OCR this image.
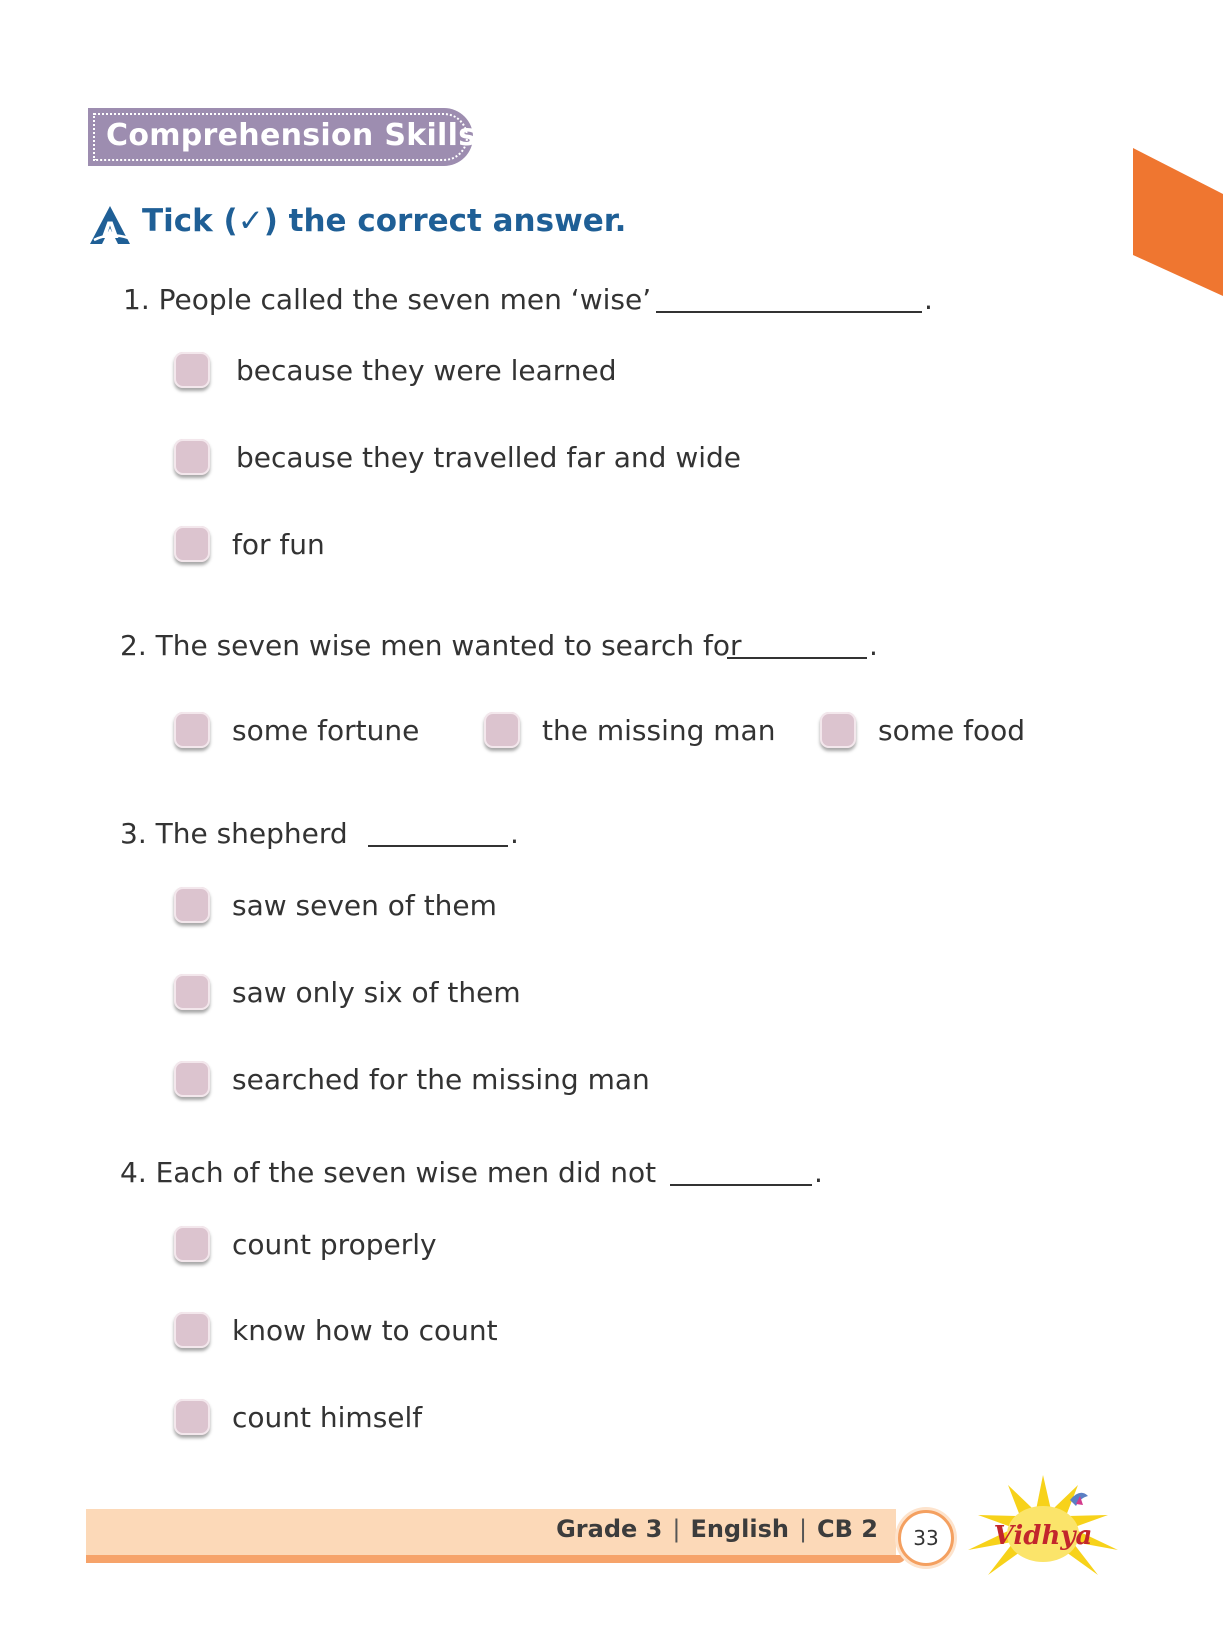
Comprehension Skills
A Tick (✓) the correct answer.
1. People called the seven men ‘wise’	.
because they were learned
because they travelled far and wide
for fun
2. The seven wise men wanted to search for	.
some fortune	the missing man	some food
3. The shepherd	.
saw seven of them
saw only six of them
searched for the missing man
4. Each of the seven wise men did not	.
count properly
know how to count
count himself
Grade 3 | English | CB 2 33 Vidhya
